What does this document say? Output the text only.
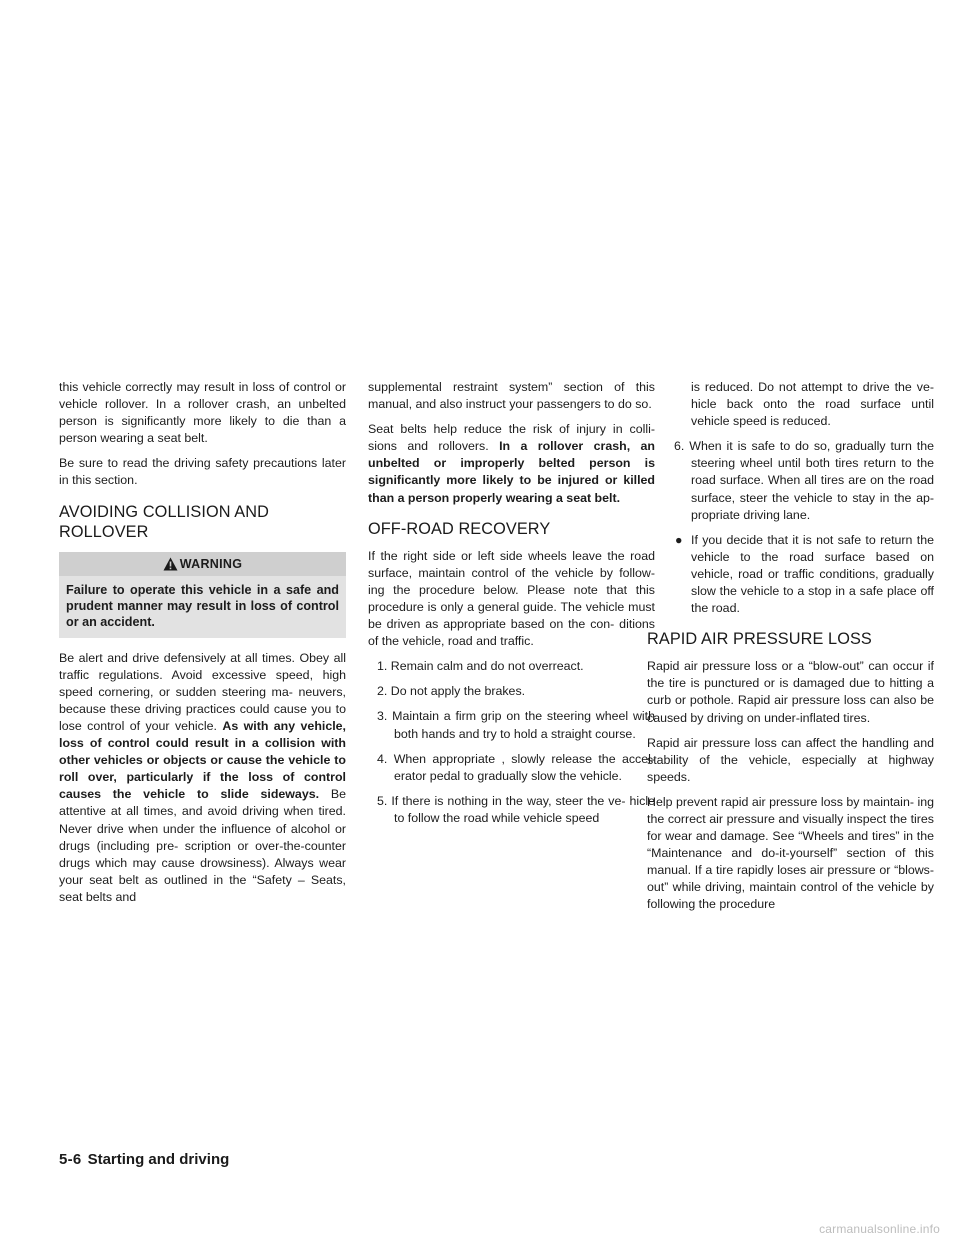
this vehicle correctly may result in loss of control or vehicle rollover. In a rollover crash, an unbelted person is significantly more likely to die than a person wearing a seat belt.

Be sure to read the driving safety precautions later in this section.

AVOIDING COLLISION AND ROLLOVER
WARNING
Failure to operate this vehicle in a safe and prudent manner may result in loss of control or an accident.

Be alert and drive defensively at all times. Obey all traffic regulations. Avoid excessive speed, high speed cornering, or sudden steering ma- neuvers, because these driving practices could cause you to lose control of your vehicle. As with any vehicle, loss of control could result in a collision with other vehicles or objects or cause the vehicle to roll over, particularly if the loss of control causes the vehicle to slide sideways. Be attentive at all times, and avoid driving when tired. Never drive when under the influence of alcohol or drugs (including pre- scription or over-the-counter drugs which may cause drowsiness). Always wear your seat belt as outlined in the “Safety – Seats, seat belts and

supplemental restraint system” section of this manual, and also instruct your passengers to do so.

Seat belts help reduce the risk of injury in colli- sions and rollovers. In a rollover crash, an unbelted or improperly belted person is significantly more likely to be injured or killed than a person properly wearing a seat belt.

OFF-ROAD RECOVERY

If the right side or left side wheels leave the road surface, maintain control of the vehicle by follow- ing the procedure below. Please note that this procedure is only a general guide. The vehicle must be driven as appropriate based on the con- ditions of the vehicle, road and traffic.

1. Remain calm and do not overreact.
2. Do not apply the brakes.
3. Maintain a firm grip on the steering wheel with both hands and try to hold a straight course.
4. When appropriate , slowly release the accel- erator pedal to gradually slow the vehicle.
5. If there is nothing in the way, steer the ve- hicle to follow the road while vehicle speed

is reduced. Do not attempt to drive the ve- hicle back onto the road surface until vehicle speed is reduced.

6. When it is safe to do so, gradually turn the steering wheel until both tires return to the road surface. When all tires are on the road surface, steer the vehicle to stay in the ap- propriate driving lane.
● If you decide that it is not safe to return the vehicle to the road surface based on vehicle, road or traffic conditions, gradually slow the vehicle to a stop in a safe place off the road.
RAPID AIR PRESSURE LOSS

Rapid air pressure loss or a “blow-out” can occur if the tire is punctured or is damaged due to hitting a curb or pothole. Rapid air pressure loss can also be caused by driving on under-inflated tires.

Rapid air pressure loss can affect the handling and stability of the vehicle, especially at highway speeds.

Help prevent rapid air pressure loss by maintain- ing the correct air pressure and visually inspect the tires for wear and damage. See “Wheels and tires” in the “Maintenance and do-it-yourself” section of this manual. If a tire rapidly loses air pressure or “blows-out” while driving, maintain control of the vehicle by following the procedure

5-6 Starting and driving
carmanualsonline.info
